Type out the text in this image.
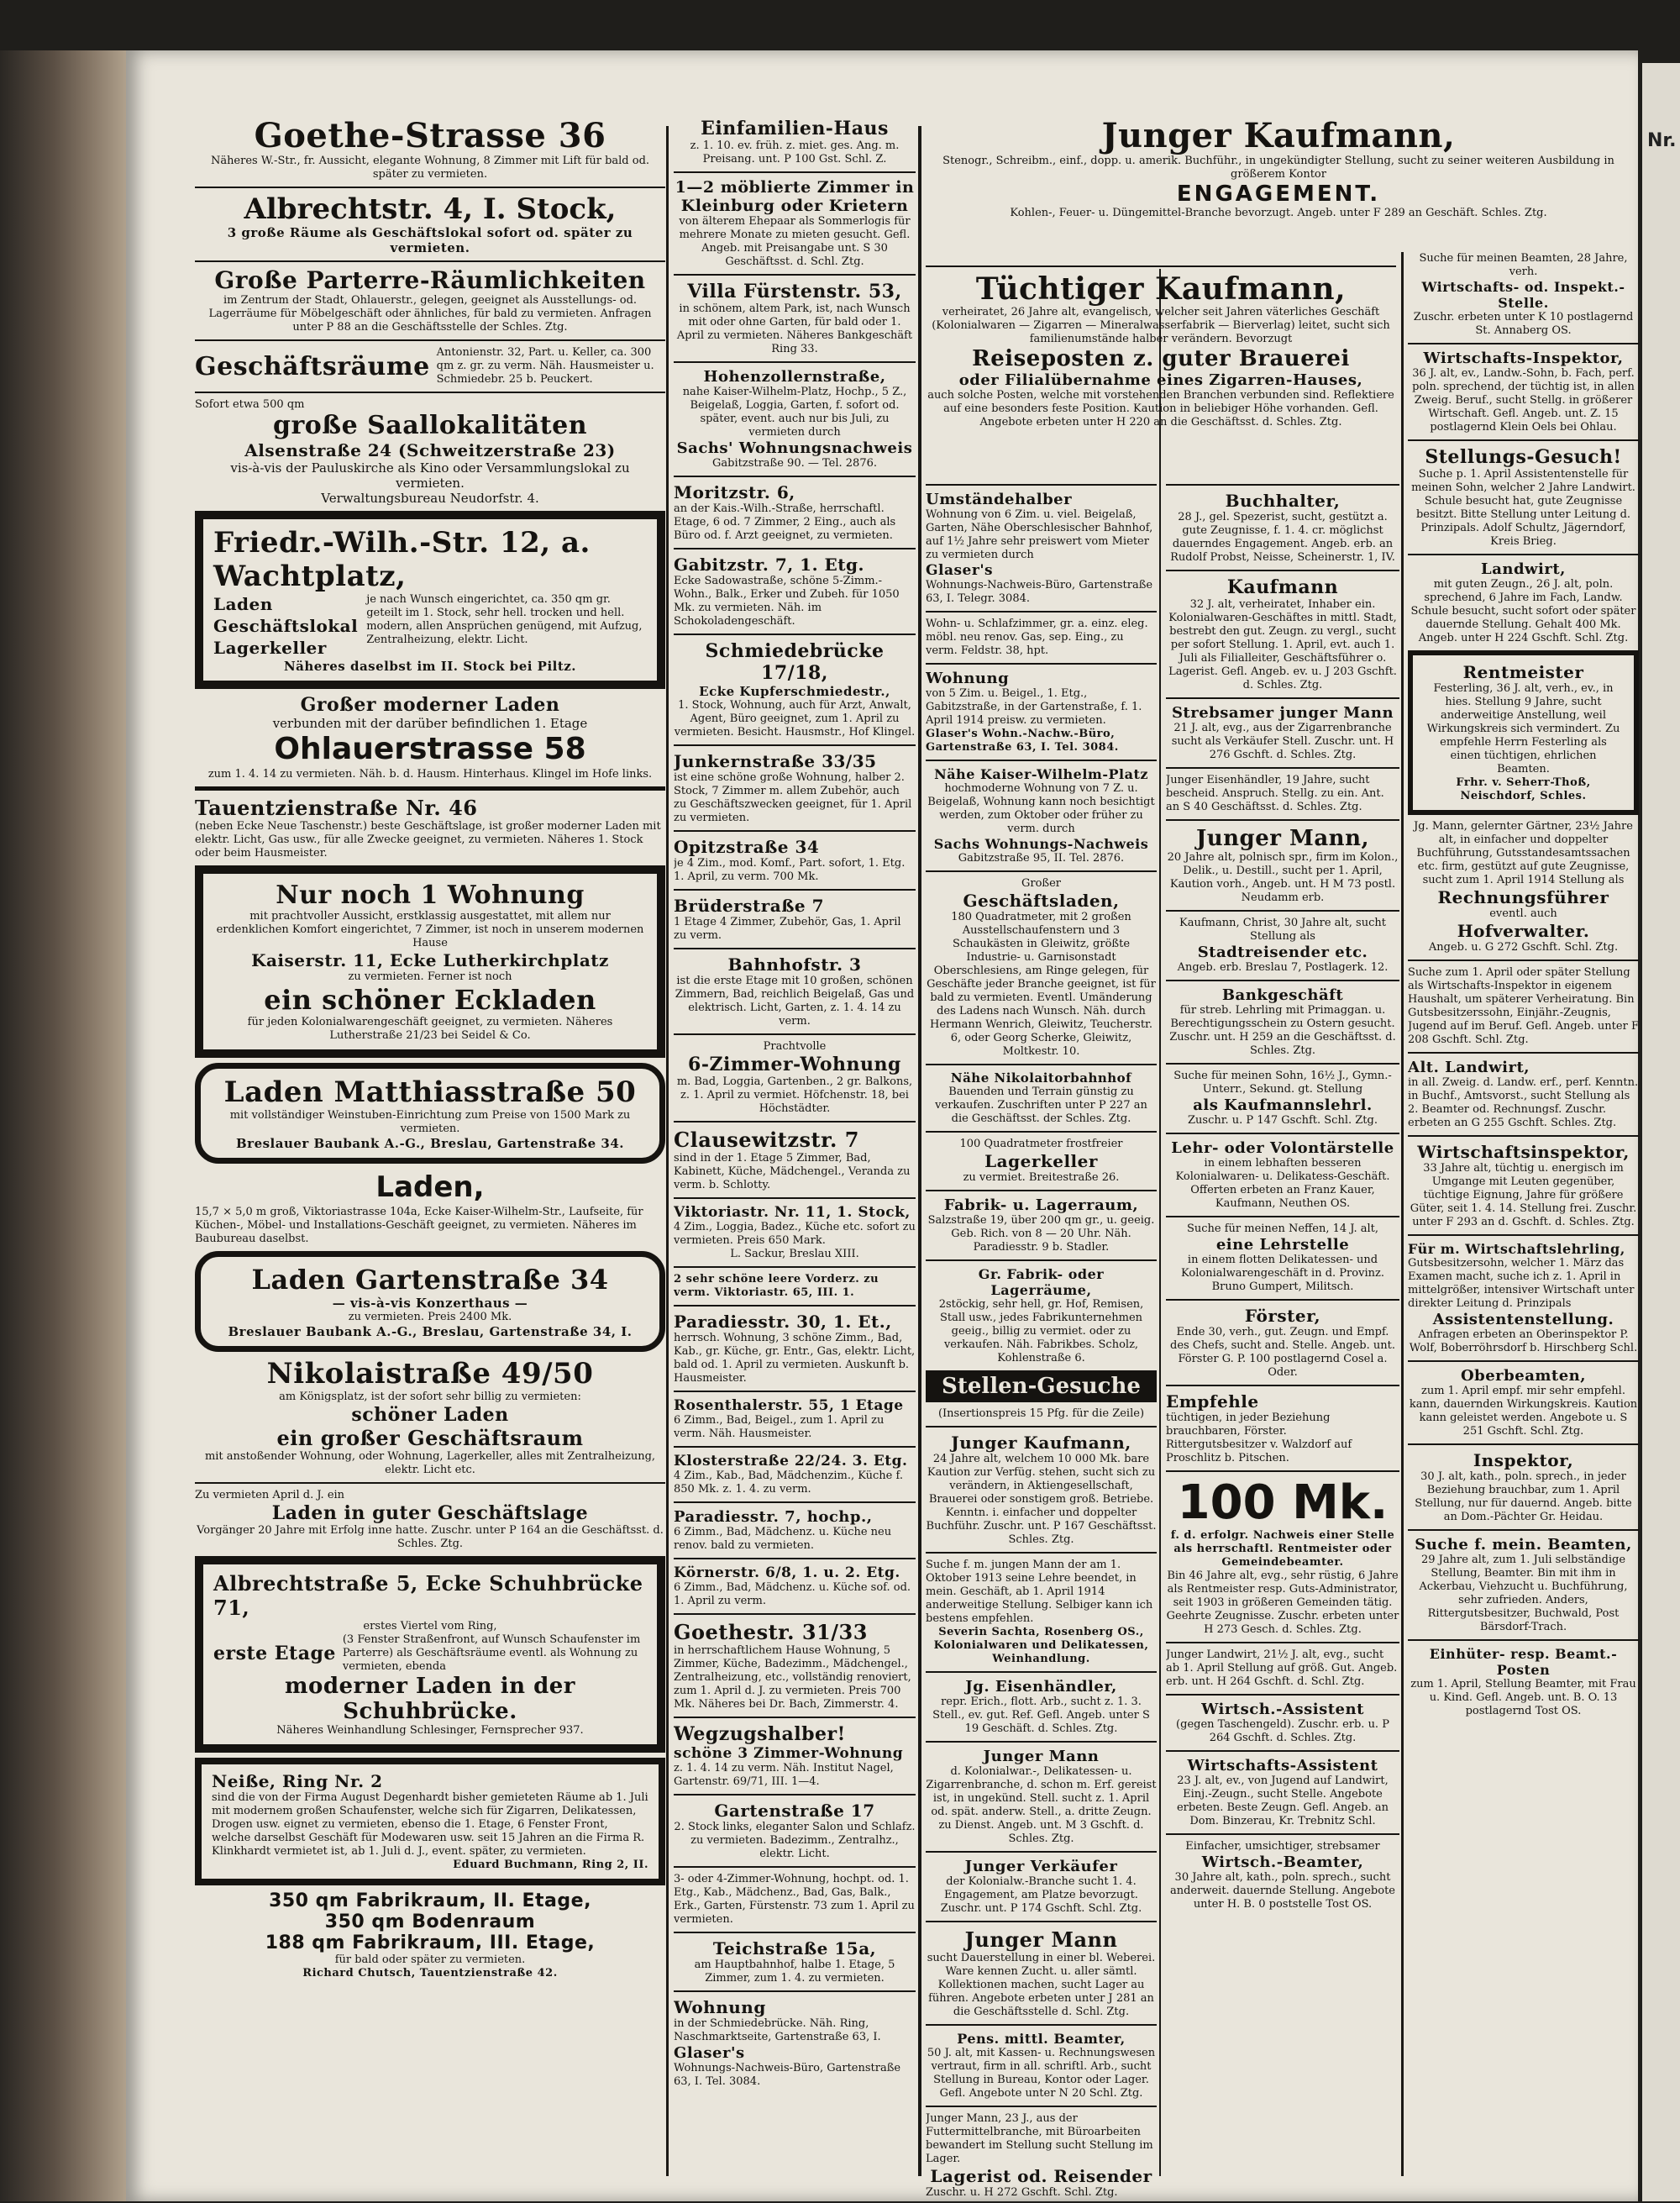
Nr.
Goethe-Strasse 36
Näheres W.-Str., fr. Aussicht, elegante Wohnung, 8 Zimmer mit Lift für bald od. später zu vermieten.
Albrechtstr. 4, I. Stock,
3 große Räume als Geschäftslokal sofort od. später zu vermieten.
Große Parterre-Räumlichkeiten
im Zentrum der Stadt, Ohlauerstr., gelegen, geeignet als Ausstellungs- od. Lagerräume für Möbelgeschäft oder ähnliches, für bald zu vermieten. Anfragen unter P 88 an die Geschäftsstelle der Schles. Ztg.
Geschäftsräume Antonienstr. 32, Part. u. Keller, ca. 300 qm z. gr. zu verm. Näh. Hausmeister u. Schmiedebr. 25 b. Peuckert.
Sofort etwa 500 qm
große Saallokalitäten
Alsenstraße 24 (Schweitzerstraße 23)
vis-à-vis der Pauluskirche als Kino oder Versammlungslokal zu vermieten.
Verwaltungsbureau Neudorfstr. 4.
Friedr.-Wilh.-Str. 12, a. Wachtplatz,
Laden
Geschäftslokal
Lagerkeller
je nach Wunsch eingerichtet, ca. 350 qm gr. geteilt im 1. Stock, sehr hell. trocken und hell. modern, allen Ansprüchen genügend, mit Aufzug, Zentralheizung, elektr. Licht.
Näheres daselbst im II. Stock bei Piltz.
Großer moderner Laden
verbunden mit der darüber befindlichen 1. Etage
Ohlauerstrasse 58
zum 1. 4. 14 zu vermieten. Näh. b. d. Hausm. Hinterhaus. Klingel im Hofe links.
Tauentzienstraße Nr. 46
(neben Ecke Neue Taschenstr.) beste Geschäftslage, ist großer moderner Laden mit elektr. Licht, Gas usw., für alle Zwecke geeignet, zu vermieten. Näheres 1. Stock oder beim Hausmeister.
Nur noch 1 Wohnung
mit prachtvoller Aussicht, erstklassig ausgestattet, mit allem nur erdenklichen Komfort eingerichtet, 7 Zimmer, ist noch in unserem modernen Hause
Kaiserstr. 11, Ecke Lutherkirchplatz
zu vermieten. Ferner ist noch
ein schöner Eckladen
für jeden Kolonialwarengeschäft geeignet, zu vermieten. Näheres Lutherstraße 21/23 bei Seidel & Co.
Laden Matthiasstraße 50
mit vollständiger Weinstuben-Einrichtung zum Preise von 1500 Mark zu vermieten.
Breslauer Baubank A.-G., Breslau, Gartenstraße 34.
Laden,
15,7 × 5,0 m groß, Viktoriastrasse 104a, Ecke Kaiser-Wilhelm-Str., Laufseite, für Küchen-, Möbel- und Installations-Geschäft geeignet, zu vermieten. Näheres im Baubureau daselbst.
Laden Gartenstraße 34
— vis-à-vis Konzerthaus —
zu vermieten. Preis 2400 Mk.
Breslauer Baubank A.-G., Breslau, Gartenstraße 34, I.
Nikolaistraße 49/50
am Königsplatz, ist der sofort sehr billig zu vermieten:
schöner Laden
ein großer Geschäftsraum
mit anstoßender Wohnung, oder Wohnung, Lagerkeller, alles mit Zentralheizung, elektr. Licht etc.
Zu vermieten April d. J. ein
Laden in guter Geschäftslage
Vorgänger 20 Jahre mit Erfolg inne hatte. Zuschr. unter P 164 an die Geschäftsst. d. Schles. Ztg.
Albrechtstraße 5, Ecke Schuhbrücke 71,
erstes Viertel vom Ring,
erste Etage
(3 Fenster Straßenfront, auf Wunsch Schaufenster im Parterre) als Geschäftsräume eventl. als Wohnung zu vermieten, ebenda
moderner Laden in der Schuhbrücke.
Näheres Weinhandlung Schlesinger, Fernsprecher 937.
Neiße, Ring Nr. 2
sind die von der Firma August Degenhardt bisher gemieteten Räume ab 1. Juli mit modernem großen Schaufenster, welche sich für Zigarren, Delikatessen, Drogen usw. eignet zu vermieten, ebenso die 1. Etage, 6 Fenster Front, welche darselbst Geschäft für Modewaren usw. seit 15 Jahren an die Firma R. Klinkhardt vermietet ist, ab 1. Juli d. J., event. später, zu vermieten.
Eduard Buchmann, Ring 2, II.
350 qm Fabrikraum, II. Etage,
350 qm Bodenraum
188 qm Fabrikraum, III. Etage,
für bald oder später zu vermieten.
Richard Chutsch, Tauentzienstraße 42.
Einfamilien-Haus
z. 1. 10. ev. früh. z. miet. ges. Ang. m. Preisang. unt. P 100 Gst. Schl. Z.
1—2 möblierte Zimmer in Kleinburg oder Krietern
von älterem Ehepaar als Sommerlogis für mehrere Monate zu mieten gesucht. Gefl. Angeb. mit Preisangabe unt. S 30 Geschäftsst. d. Schl. Ztg.
Villa Fürstenstr. 53,
in schönem, altem Park, ist, nach Wunsch mit oder ohne Garten, für bald oder 1. April zu vermieten. Näheres Bankgeschäft Ring 33.
Hohenzollernstraße,
nahe Kaiser-Wilhelm-Platz, Hochp., 5 Z., Beigelaß, Loggia, Garten, f. sofort od. später, event. auch nur bis Juli, zu vermieten durch
Sachs' Wohnungsnachweis
Gabitzstraße 90. — Tel. 2876.
Moritzstr. 6,
an der Kais.-Wilh.-Straße, herrschaftl. Etage, 6 od. 7 Zimmer, 2 Eing., auch als Büro od. f. Arzt geeignet, zu vermieten.
Gabitzstr. 7, 1. Etg.
Ecke Sadowastraße, schöne 5-Zimm.-Wohn., Balk., Erker und Zubeh. für 1050 Mk. zu vermieten. Näh. im Schokoladengeschäft.
Schmiedebrücke 17/18,
Ecke Kupferschmiedestr.,
1. Stock, Wohnung, auch für Arzt, Anwalt, Agent, Büro geeignet, zum 1. April zu vermieten. Besicht. Hausmstr., Hof Klingel.
Junkernstraße 33/35
ist eine schöne große Wohnung, halber 2. Stock, 7 Zimmer m. allem Zubehör, auch zu Geschäftszwecken geeignet, für 1. April zu vermieten.
Opitzstraße 34
je 4 Zim., mod. Komf., Part. sofort, 1. Etg. 1. April, zu verm. 700 Mk.
Brüderstraße 7
1 Etage 4 Zimmer, Zubehör, Gas, 1. April zu verm.
Bahnhofstr. 3
ist die erste Etage mit 10 großen, schönen Zimmern, Bad, reichlich Beigelaß, Gas und elektrisch. Licht, Garten, z. 1. 4. 14 zu verm.
Prachtvolle
6-Zimmer-Wohnung
m. Bad, Loggia, Gartenben., 2 gr. Balkons, z. 1. April zu vermiet. Höfchenstr. 18, bei Höchstädter.
Clausewitzstr. 7
sind in der 1. Etage 5 Zimmer, Bad, Kabinett, Küche, Mädchengel., Veranda zu verm. b. Schlotty.
Viktoriastr. Nr. 11, 1. Stock,
4 Zim., Loggia, Badez., Küche etc. sofort zu vermieten. Preis 650 Mark.
L. Sackur, Breslau XIII.
2 sehr schöne leere Vorderz. zu verm. Viktoriastr. 65, III. 1.
Paradiesstr. 30, 1. Et.,
herrsch. Wohnung, 3 schöne Zimm., Bad, Kab., gr. Küche, gr. Entr., Gas, elektr. Licht, bald od. 1. April zu vermieten. Auskunft b. Hausmeister.
Rosenthalerstr. 55, 1 Etage
6 Zimm., Bad, Beigel., zum 1. April zu verm. Näh. Hausmeister.
Klosterstraße 22/24. 3. Etg.
4 Zim., Kab., Bad, Mädchenzim., Küche f. 850 Mk. z. 1. 4. zu verm.
Paradiesstr. 7, hochp.,
6 Zimm., Bad, Mädchenz. u. Küche neu renov. bald zu vermieten.
Körnerstr. 6/8, 1. u. 2. Etg.
6 Zimm., Bad, Mädchenz. u. Küche sof. od. 1. April zu verm.
Goethestr. 31/33
in herrschaftlichem Hause Wohnung, 5 Zimmer, Küche, Badezimm., Mädchengel., Zentralheizung, etc., vollständig renoviert, zum 1. April d. J. zu vermieten. Preis 700 Mk. Näheres bei Dr. Bach, Zimmerstr. 4.
Wegzugshalber!
schöne 3 Zimmer-Wohnung
z. 1. 4. 14 zu verm. Näh. Institut Nagel, Gartenstr. 69/71, III. 1—4.
Gartenstraße 17
2. Stock links, eleganter Salon und Schlafz. zu vermieten. Badezimm., Zentralhz., elektr. Licht.
3- oder 4-Zimmer-Wohnung, hochpt. od. 1. Etg., Kab., Mädchenz., Bad, Gas, Balk., Erk., Garten, Fürstenstr. 73 zum 1. April zu vermieten.
Teichstraße 15a,
am Hauptbahnhof, halbe 1. Etage, 5 Zimmer, zum 1. 4. zu vermieten.
Wohnung
in der Schmiedebrücke. Näh. Ring, Naschmarktseite, Gartenstraße 63, I.
Glaser's
Wohnungs-Nachweis-Büro, Gartenstraße 63, I. Tel. 3084.
Junger Kaufmann,
Stenogr., Schreibm., einf., dopp. u. amerik. Buchführ., in ungekündigter Stellung, sucht zu seiner weiteren Ausbildung in größerem Kontor
ENGAGEMENT.
Kohlen-, Feuer- u. Düngemittel-Branche bevorzugt. Angeb. unter F 289 an Geschäft. Schles. Ztg.
Tüchtiger Kaufmann,
verheiratet, 26 Jahre alt, evangelisch, welcher seit Jahren väterliches Geschäft (Kolonialwaren — Zigarren — Mineralwasserfabrik — Bierverlag) leitet, sucht sich familienumstände halber verändern. Bevorzugt
Reiseposten z. guter Brauerei
oder Filialübernahme eines Zigarren-Hauses,
auch solche Posten, welche mit vorstehenden Branchen verbunden sind. Reflektiere auf eine besonders feste Position. Kaution in beliebiger Höhe vorhanden. Gefl. Angebote erbeten unter H 220 an die Geschäftsst. d. Schles. Ztg.
Umständehalber
Wohnung von 6 Zim. u. viel. Beigelaß, Garten, Nähe Oberschlesischer Bahnhof, auf 1½ Jahre sehr preiswert vom Mieter zu vermieten durch
Glaser's
Wohnungs-Nachweis-Büro, Gartenstraße 63, I. Telegr. 3084.
Wohn- u. Schlafzimmer, gr. a. einz. eleg. möbl. neu renov. Gas, sep. Eing., zu verm. Feldstr. 38, hpt.
Wohnung
von 5 Zim. u. Beigel., 1. Etg., Gabitzstraße, in der Gartenstraße, f. 1. April 1914 preisw. zu vermieten.
Glaser's Wohn.-Nachw.-Büro, Gartenstraße 63, I. Tel. 3084.
Nähe Kaiser-Wilhelm-Platz
hochmoderne Wohnung von 7 Z. u. Beigelaß, Wohnung kann noch besichtigt werden, zum Oktober oder früher zu verm. durch
Sachs Wohnungs-Nachweis
Gabitzstraße 95, II. Tel. 2876.
Großer
Geschäftsladen,
180 Quadratmeter, mit 2 großen Ausstellschaufenstern und 3 Schaukästen in Gleiwitz, größte Industrie- u. Garnisonstadt Oberschlesiens, am Ringe gelegen, für Geschäfte jeder Branche geeignet, ist für bald zu vermieten. Eventl. Umänderung des Ladens nach Wunsch. Näh. durch Hermann Wenrich, Gleiwitz, Teucherstr. 6, oder Georg Scherke, Gleiwitz, Moltkestr. 10.
Nähe Nikolaitorbahnhof
Bauenden und Terrain günstig zu verkaufen. Zuschriften unter P 227 an die Geschäftsst. der Schles. Ztg.
100 Quadratmeter frostfreier
Lagerkeller
zu vermiet. Breitestraße 26.
Fabrik- u. Lagerraum,
Salzstraße 19, über 200 qm gr., u. geeig. Geb. Rich. von 8 — 20 Uhr. Näh. Paradiesstr. 9 b. Stadler.
Gr. Fabrik- oder Lagerräume,
2stöckig, sehr hell, gr. Hof, Remisen, Stall usw., jedes Fabrikunternehmen geeig., billig zu vermiet. oder zu verkaufen. Näh. Fabrikbes. Scholz, Kohlenstraße 6.
Stellen-Gesuche
(Insertionspreis 15 Pfg. für die Zeile)
Junger Kaufmann,
24 Jahre alt, welchem 10 000 Mk. bare Kaution zur Verfüg. stehen, sucht sich zu verändern, in Aktiengesellschaft, Brauerei oder sonstigem groß. Betriebe. Kenntn. i. einfacher und doppelter Buchführ. Zuschr. unt. P 167 Geschäftsst. Schles. Ztg.
Suche f. m. jungen Mann der am 1. Oktober 1913 seine Lehre beendet, in mein. Geschäft, ab 1. April 1914 anderweitige Stellung. Selbiger kann ich bestens empfehlen.
Severin Sachta, Rosenberg OS., Kolonialwaren und Delikatessen, Weinhandlung.
Jg. Eisenhändler,
repr. Erich., flott. Arb., sucht z. 1. 3. Stell., ev. gut. Ref. Gefl. Angeb. unter S 19 Geschäft. d. Schles. Ztg.
Junger Mann
d. Kolonialwar.-, Delikatessen- u. Zigarrenbranche, d. schon m. Erf. gereist ist, in ungekünd. Stell. sucht z. 1. April od. spät. anderw. Stell., a. dritte Zeugn. zu Dienst. Angeb. unt. M 3 Gschft. d. Schles. Ztg.
Junger Verkäufer
der Kolonialw.-Branche sucht 1. 4. Engagement, am Platze bevorzugt. Zuschr. unt. P 174 Gschft. Schl. Ztg.
Junger Mann
sucht Dauerstellung in einer bl. Weberei. Ware kennen Zucht. u. aller sämtl. Kollektionen machen, sucht Lager au führen. Angebote erbeten unter J 281 an die Geschäftsstelle d. Schl. Ztg.
Pens. mittl. Beamter,
50 J. alt, mit Kassen- u. Rechnungswesen vertraut, firm in all. schriftl. Arb., sucht Stellung in Bureau, Kontor oder Lager. Gefl. Angebote unter N 20 Schl. Ztg.
Junger Mann, 23 J., aus der Futtermittelbranche, mit Büroarbeiten bewandert im Stellung sucht Stellung im Lager.
Lagerist od. Reisender
Zuschr. u. H 272 Gschft. Schl. Ztg.
Buchhalter,
28 J., gel. Spezerist, sucht, gestützt a. gute Zeugnisse, f. 1. 4. cr. möglichst dauerndes Engagement. Angeb. erb. an Rudolf Probst, Neisse, Scheinerstr. 1, IV.
Kaufmann
32 J. alt, verheiratet, Inhaber ein. Kolonialwaren-Geschäftes in mittl. Stadt, bestrebt den gut. Zeugn. zu vergl., sucht per sofort Stellung. 1. April, evt. auch 1. Juli als Filialleiter, Geschäftsführer o. Lagerist. Gefl. Angeb. ev. u. J 203 Gschft. d. Schles. Ztg.
Strebsamer junger Mann
21 J. alt, evg., aus der Zigarrenbranche sucht als Verkäufer Stell. Zuschr. unt. H 276 Gschft. d. Schles. Ztg.
Junger Eisenhändler, 19 Jahre, sucht bescheid. Anspruch. Stellg. zu ein. Ant. an S 40 Geschäftsst. d. Schles. Ztg.
Junger Mann,
20 Jahre alt, polnisch spr., firm im Kolon., Delik., u. Destill., sucht per 1. April, Kaution vorh., Angeb. unt. H M 73 postl. Neudamm erb.
Kaufmann, Christ, 30 Jahre alt, sucht Stellung als
Stadtreisender etc.
Angeb. erb. Breslau 7, Postlagerk. 12.
Bankgeschäft
für streb. Lehrling mit Primaggan. u. Berechtigungsschein zu Ostern gesucht. Zuschr. unt. H 259 an die Geschäftsst. d. Schles. Ztg.
Suche für meinen Sohn, 16½ J., Gymn.-Unterr., Sekund. gt. Stellung
als Kaufmannslehrl.
Zuschr. u. P 147 Gschft. Schl. Ztg.
Lehr- oder Volontärstelle
in einem lebhaften besseren Kolonialwaren- u. Delikatess-Geschäft. Offerten erbeten an Franz Kauer, Kaufmann, Neuthen OS.
Suche für meinen Neffen, 14 J. alt,
eine Lehrstelle
in einem flotten Delikatessen- und Kolonialwarengeschäft in d. Provinz. Bruno Gumpert, Militsch.
Förster,
Ende 30, verh., gut. Zeugn. und Empf. des Chefs, sucht and. Stelle. Angeb. unt. Förster G. P. 100 postlagernd Cosel a. Oder.
Empfehle
tüchtigen, in jeder Beziehung brauchbaren, Förster.
Rittergutsbesitzer v. Walzdorf auf Proschlitz b. Pitschen.
100 Mk.
f. d. erfolgr. Nachweis einer Stelle als herrschaftl. Rentmeister oder Gemeindebeamter.
Bin 46 Jahre alt, evg., sehr rüstig, 6 Jahre als Rentmeister resp. Guts-Administrator, seit 1903 in größeren Gemeinden tätig. Geehrte Zeugnisse. Zuschr. erbeten unter H 273 Gesch. d. Schles. Ztg.
Junger Landwirt, 21½ J. alt, evg., sucht ab 1. April Stellung auf größ. Gut. Angeb. erb. unt. H 264 Gschft. d. Schl. Ztg.
Wirtsch.-Assistent
(gegen Taschengeld). Zuschr. erb. u. P 264 Gschft. d. Schles. Ztg.
Wirtschafts-Assistent
23 J. alt, ev., von Jugend auf Landwirt, Einj.-Zeugn., sucht Stelle. Angebote erbeten. Beste Zeugn. Gefl. Angeb. an Dom. Binzerau, Kr. Trebnitz Schl.
Einfacher, umsichtiger, strebsamer
Wirtsch.-Beamter,
30 Jahre alt, kath., poln. sprech., sucht anderweit. dauernde Stellung. Angebote unter H. B. 0 poststelle Tost OS.
Suche für meinen Beamten, 28 Jahre, verh.
Wirtschafts- od. Inspekt.-Stelle.
Zuschr. erbeten unter K 10 postlagernd St. Annaberg OS.
Wirtschafts-Inspektor,
36 J. alt, ev., Landw.-Sohn, b. Fach, perf. poln. sprechend, der tüchtig ist, in allen Zweig. Beruf., sucht Stellg. in größerer Wirtschaft. Gefl. Angeb. unt. Z. 15 postlagernd Klein Oels bei Ohlau.
Stellungs-Gesuch!
Suche p. 1. April Assistentenstelle für meinen Sohn, welcher 2 Jahre Landwirt. Schule besucht hat, gute Zeugnisse besitzt. Bitte Stellung unter Leitung d. Prinzipals. Adolf Schultz, Jägerndorf, Kreis Brieg.
Landwirt,
mit guten Zeugn., 26 J. alt, poln. sprechend, 6 Jahre im Fach, Landw. Schule besucht, sucht sofort oder später dauernde Stellung. Gehalt 400 Mk. Angeb. unter H 224 Gschft. Schl. Ztg.
Rentmeister
Festerling, 36 J. alt, verh., ev., in hies. Stellung 9 Jahre, sucht anderweitige Anstellung, weil Wirkungskreis sich vermindert. Zu empfehle Herrn Festerling als einen tüchtigen, ehrlichen Beamten.
Frhr. v. Seherr-Thoß, Neischdorf, Schles.
Jg. Mann, gelernter Gärtner, 23½ Jahre alt, in einfacher und doppelter Buchführung, Gutsstandesamtssachen etc. firm, gestützt auf gute Zeugnisse, sucht zum 1. April 1914 Stellung als
Rechnungsführer
eventl. auch
Hofverwalter.
Angeb. u. G 272 Gschft. Schl. Ztg.
Suche zum 1. April oder später Stellung als Wirtschafts-Inspektor in eigenem Haushalt, um späterer Verheiratung. Bin Gutsbesitzerssohn, Einjähr.-Zeugnis, Jugend auf im Beruf. Gefl. Angeb. unter F 208 Gschft. Schl. Ztg.
Alt. Landwirt,
in all. Zweig. d. Landw. erf., perf. Kenntn. in Buchf., Amtsvorst., sucht Stellung als 2. Beamter od. Rechnungsf. Zuschr. erbeten an G 255 Gschft. Schles. Ztg.
Wirtschaftsinspektor,
33 Jahre alt, tüchtig u. energisch im Umgange mit Leuten gegenüber, tüchtige Eignung, Jahre für größere Güter, seit 1. 4. 14. Stellung frei. Zuschr. unter F 293 an d. Gschft. d. Schles. Ztg.
Für m. Wirtschaftslehrling,
Gutsbesitzersohn, welcher 1. März das Examen macht, suche ich z. 1. April in mittelgrößer, intensiver Wirtschaft unter direkter Leitung d. Prinzipals
Assistentenstellung.
Anfragen erbeten an Oberinspektor P. Wolf, Boberröhrsdorf b. Hirschberg Schl.
Oberbeamten,
zum 1. April empf. mir sehr empfehl. kann, dauernden Wirkungskreis. Kaution kann geleistet werden. Angebote u. S 251 Gschft. Schl. Ztg.
Inspektor,
30 J. alt, kath., poln. sprech., in jeder Beziehung brauchbar, zum 1. April Stellung, nur für dauernd. Angeb. bitte an Dom.-Pächter Gr. Heidau.
Suche f. mein. Beamten,
29 Jahre alt, zum 1. Juli selbständige Stellung, Beamter. Bin mit ihm in Ackerbau, Viehzucht u. Buchführung, sehr zufrieden. Anders, Rittergutsbesitzer, Buchwald, Post Bärsdorf-Trach.
Einhüter- resp. Beamt.-Posten
zum 1. April, Stellung Beamter, mit Frau u. Kind. Gefl. Angeb. unt. B. O. 13 postlagernd Tost OS.
